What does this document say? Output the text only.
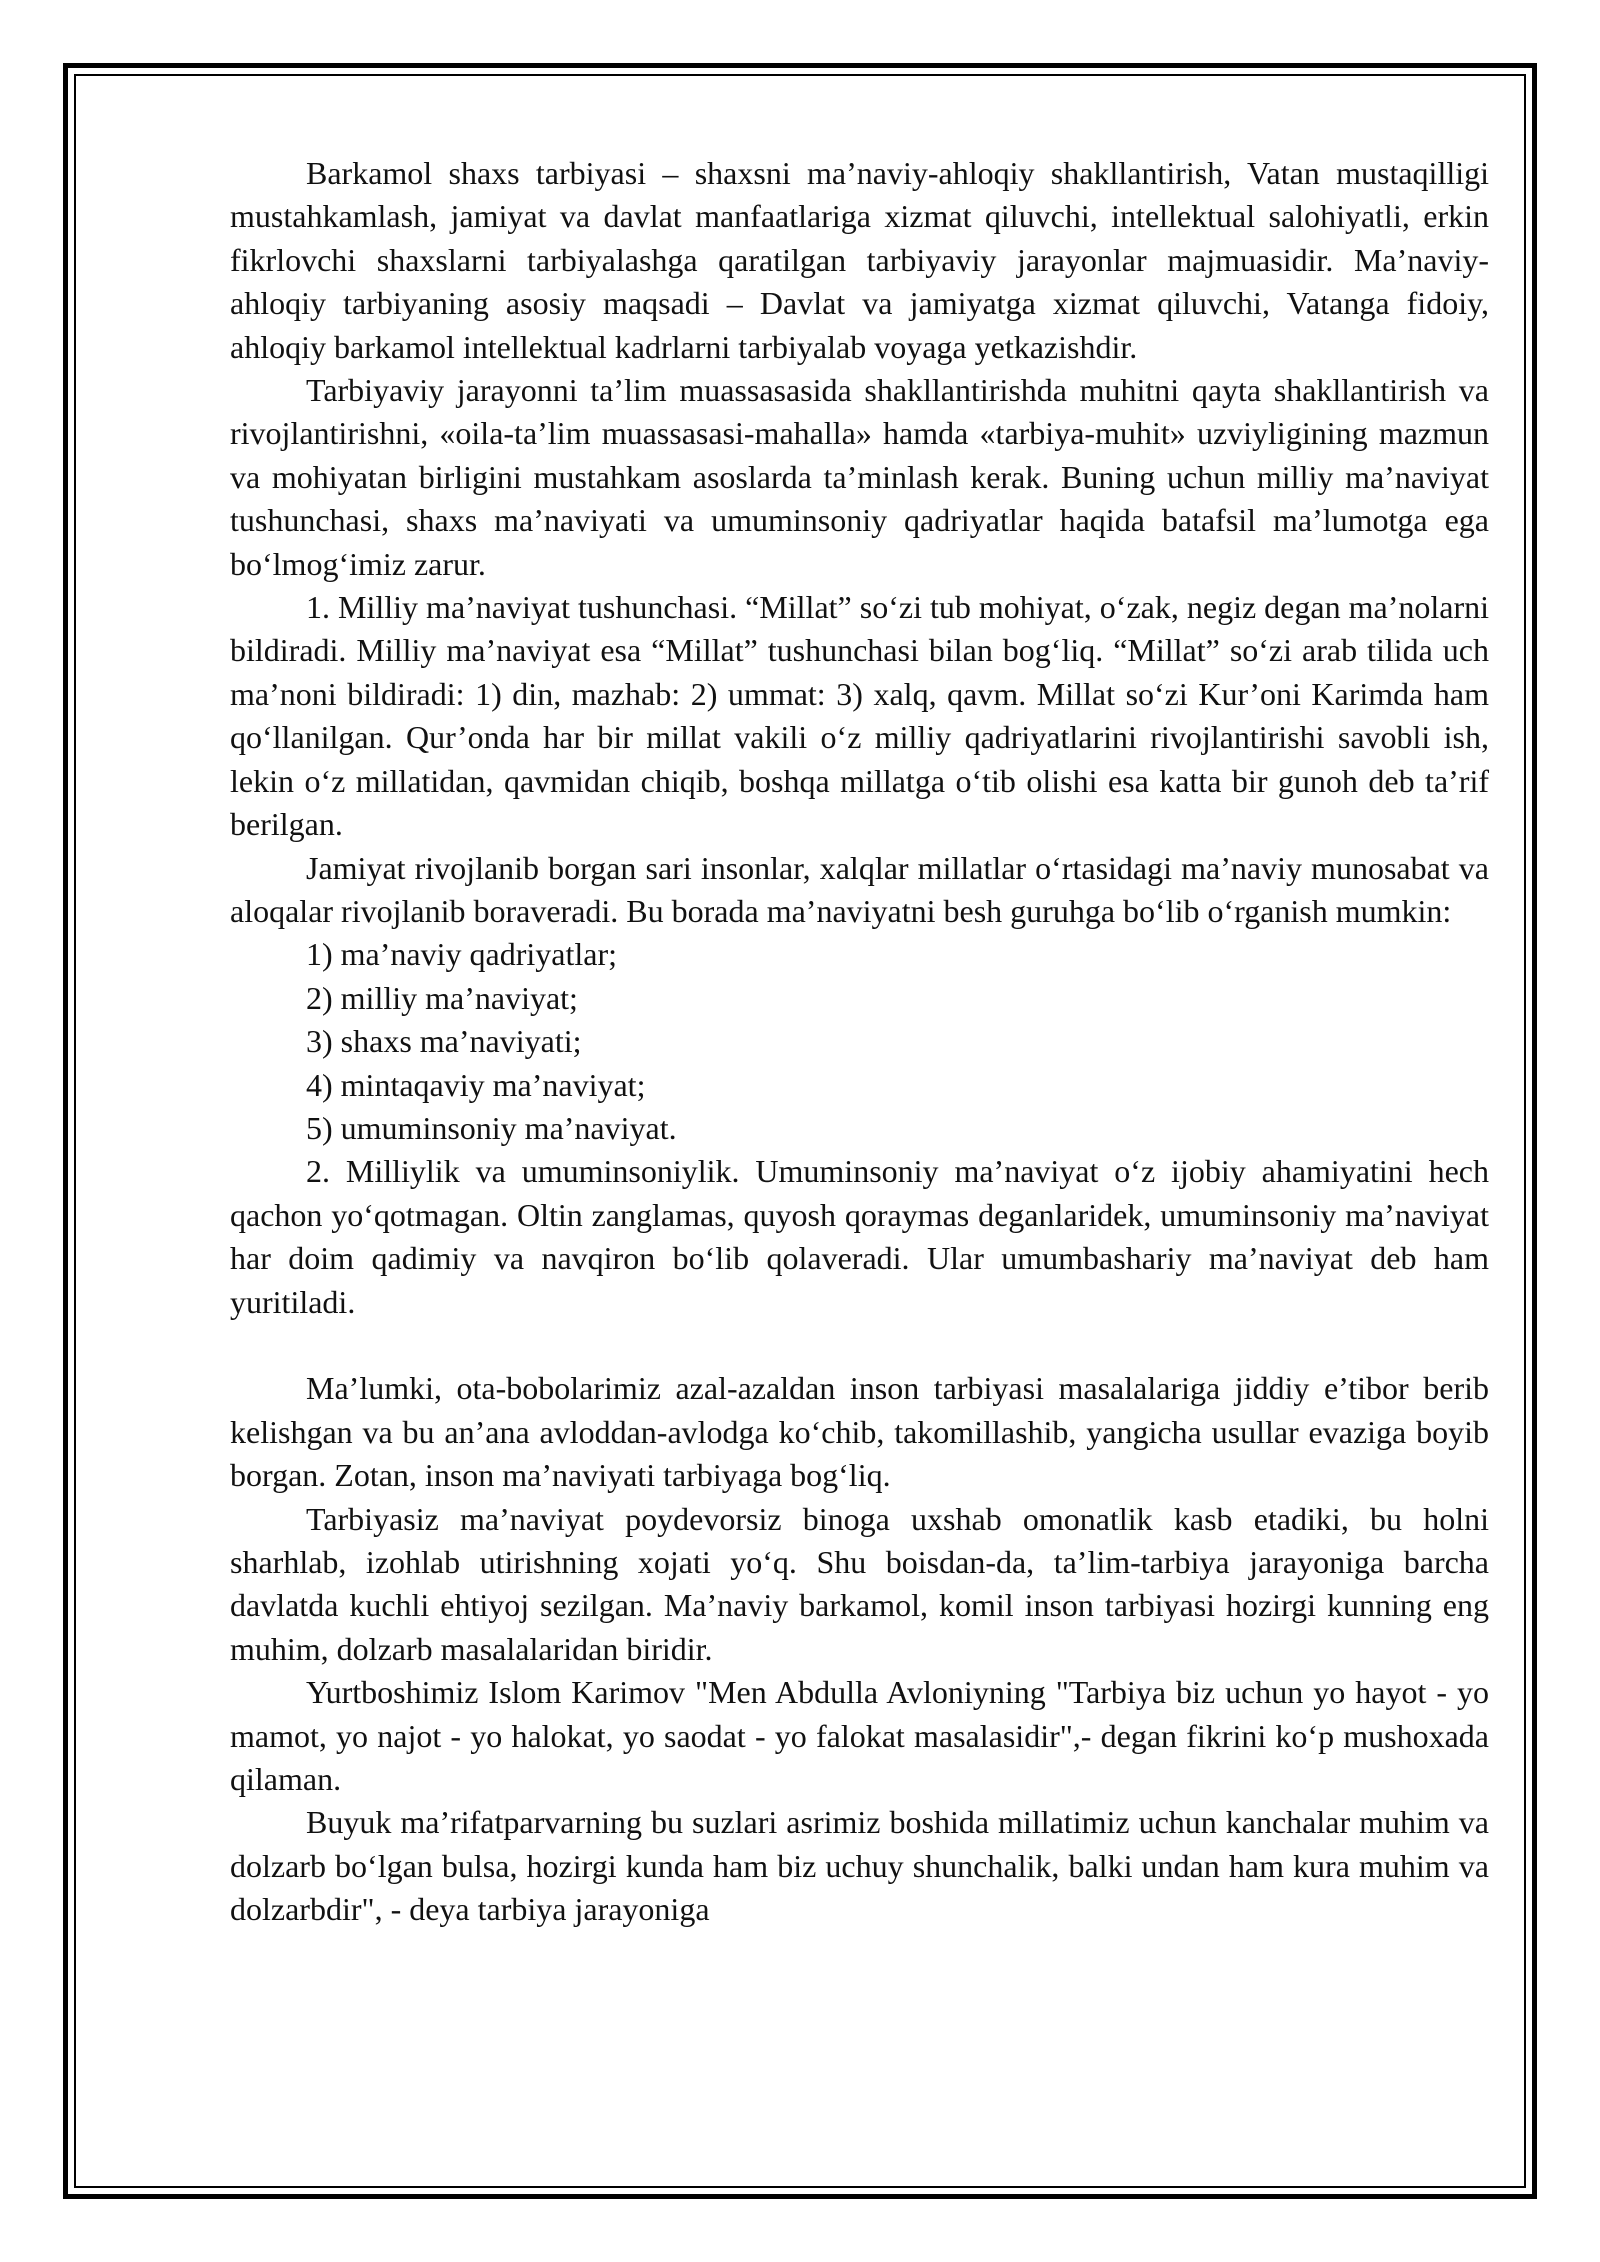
Barkamol shaxs tarbiyasi – shaxsni ma’naviy-ahloqiy shakllantirish, Vatan mustaqilligi mustahkamlash, jamiyat va davlat manfaatlariga xizmat qiluvchi, intellektual salohiyatli, erkin fikrlovchi shaxslarni tarbiyalashga qaratilgan tarbiyaviy jarayonlar majmuasidir. Ma’naviy-ahloqiy tarbiyaning asosiy maqsadi – Davlat va jamiyatga xizmat qiluvchi, Vatanga fidoiy, ahloqiy barkamol intellektual kadrlarni tarbiyalab voyaga yetkazishdir.

Tarbiyaviy jarayonni ta’lim muassasasida shakllantirishda muhitni qayta shakllantirish va rivojlantirishni, «oila-ta’lim muassasasi-mahalla» hamda «tarbiya-muhit» uzviyligining mazmun va mohiyatan birligini mustahkam asoslarda ta’minlash kerak. Buning uchun milliy ma’naviyat tushunchasi, shaxs ma’naviyati va umuminsoniy qadriyatlar haqida batafsil ma’lumotga ega bo‘lmog‘imiz zarur.

1. Milliy ma’naviyat tushunchasi. “Millat” so‘zi tub mohiyat, o‘zak, negiz degan ma’nolarni bildiradi. Milliy ma’naviyat esa “Millat” tushunchasi bilan bog‘liq. “Millat” so‘zi arab tilida uch ma’noni bildiradi: 1) din, mazhab: 2) ummat: 3) xalq, qavm. Millat so‘zi Kur’oni Karimda ham qo‘llanilgan. Qur’onda har bir millat vakili o‘z milliy qadriyatlarini rivojlantirishi savobli ish, lekin o‘z millatidan, qavmidan chiqib, boshqa millatga o‘tib olishi esa katta bir gunoh deb ta’rif berilgan.

Jamiyat rivojlanib borgan sari insonlar, xalqlar millatlar o‘rtasidagi ma’naviy munosabat va aloqalar rivojlanib boraveradi. Bu borada ma’naviyatni besh guruhga bo‘lib o‘rganish mumkin:

1) ma’naviy qadriyatlar;

2) milliy ma’naviyat;

3) shaxs ma’naviyati;

4) mintaqaviy ma’naviyat;

5) umuminsoniy ma’naviyat.

2. Milliylik va umuminsoniylik. Umuminsoniy ma’naviyat o‘z ijobiy ahamiyatini hech qachon yo‘qotmagan. Oltin zanglamas, quyosh qoraymas deganlaridek, umuminsoniy ma’naviyat har doim qadimiy va navqiron bo‘lib qolaveradi. Ular umumbashariy ma’naviyat deb ham yuritiladi.

Ma’lumki, ota-bobolarimiz azal-azaldan inson tarbiyasi masalalariga jiddiy e’tibor berib kelishgan va bu an’ana avloddan-avlodga ko‘chib, takomillashib, yangicha usullar evaziga boyib borgan. Zotan, inson ma’naviyati tarbiyaga bog‘liq.

Tarbiyasiz ma’naviyat poydevorsiz binoga uxshab omonatlik kasb etadiki, bu holni sharhlab, izohlab utirishning xojati yo‘q. Shu boisdan-da, ta’lim-tarbiya jarayoniga barcha davlatda kuchli ehtiyoj sezilgan. Ma’naviy barkamol, komil inson tarbiyasi hozirgi kunning eng muhim, dolzarb masalalaridan biridir.

Yurtboshimiz Islom Karimov "Men Abdulla Avloniyning "Tarbiya biz uchun yo hayot - yo mamot, yo najot - yo halokat, yo saodat - yo falokat masalasidir",- degan fikrini ko‘p mushoxada qilaman.

Buyuk ma’rifatparvarning bu suzlari asrimiz boshida millatimiz uchun kanchalar muhim va dolzarb bo‘lgan bulsa, hozirgi kunda ham biz uchuy shunchalik, balki undan ham kura muhim va dolzarbdir", - deya tarbiya jarayoniga
